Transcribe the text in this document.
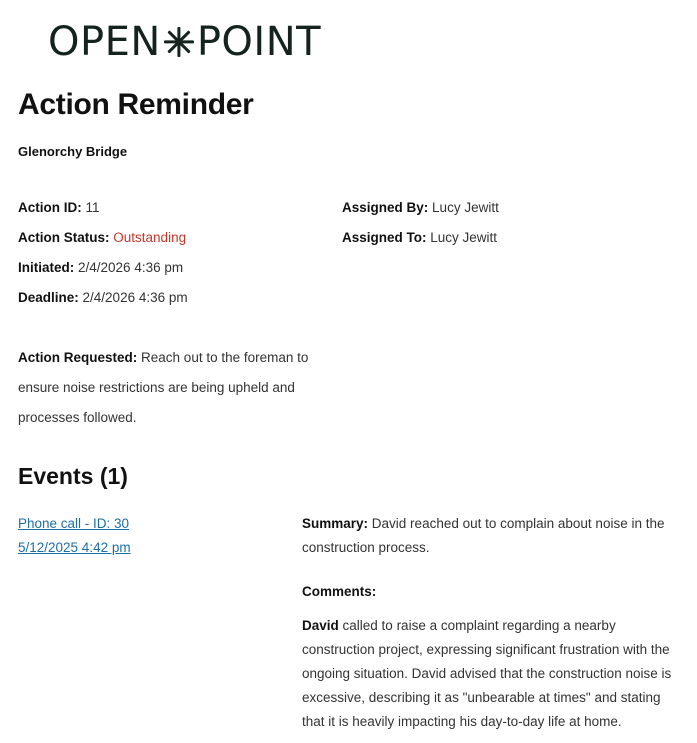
OPEN POINT
Action Reminder
Glenorchy Bridge
Action ID: 11
Action Status: Outstanding
Initiated: 2/4/2026 4:36 pm
Deadline: 2/4/2026 4:36 pm
Assigned By: Lucy Jewitt
Assigned To: Lucy Jewitt
Action Requested: Reach out to the foreman to ensure noise restrictions are being upheld and processes followed.
Events (1)
Phone call - ID: 30
5/12/2025 4:42 pm
Summary: David reached out to complain about noise in the construction process.
Comments:
David called to raise a complaint regarding a nearby construction project, expressing significant frustration with the ongoing situation. David advised that the construction noise is excessive, describing it as "unbearable at times" and stating that it is heavily impacting his day-to-day life at home.
